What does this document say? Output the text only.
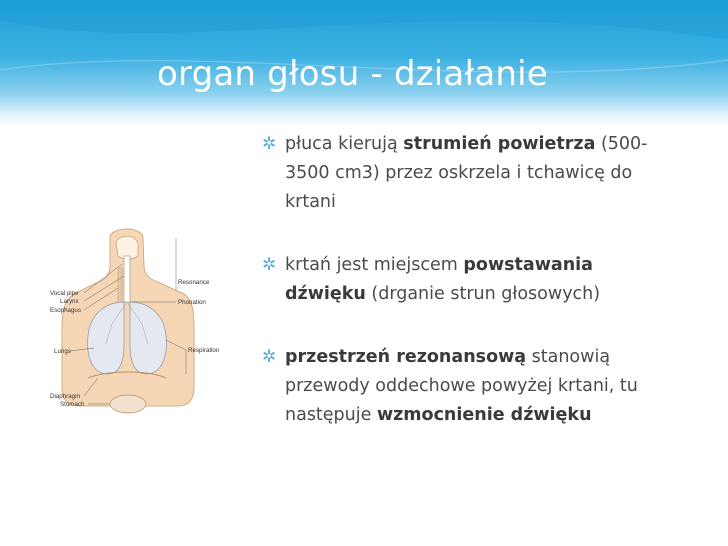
organ głosu - działanie
Vocal pipe
Larynx
Esophagus
Lungs
Diaphragm
Stomach
Resonance
Phonation
Respiration
✲ płuca kierują strumień powietrza (500-3500 cm3) przez oskrzela i tchawicę do krtani
✲ krtań jest miejscem powstawania dźwięku (drganie strun głosowych)
✲ przestrzeń rezonansową stanowią przewody oddechowe powyżej krtani, tu następuje wzmocnienie dźwięku
